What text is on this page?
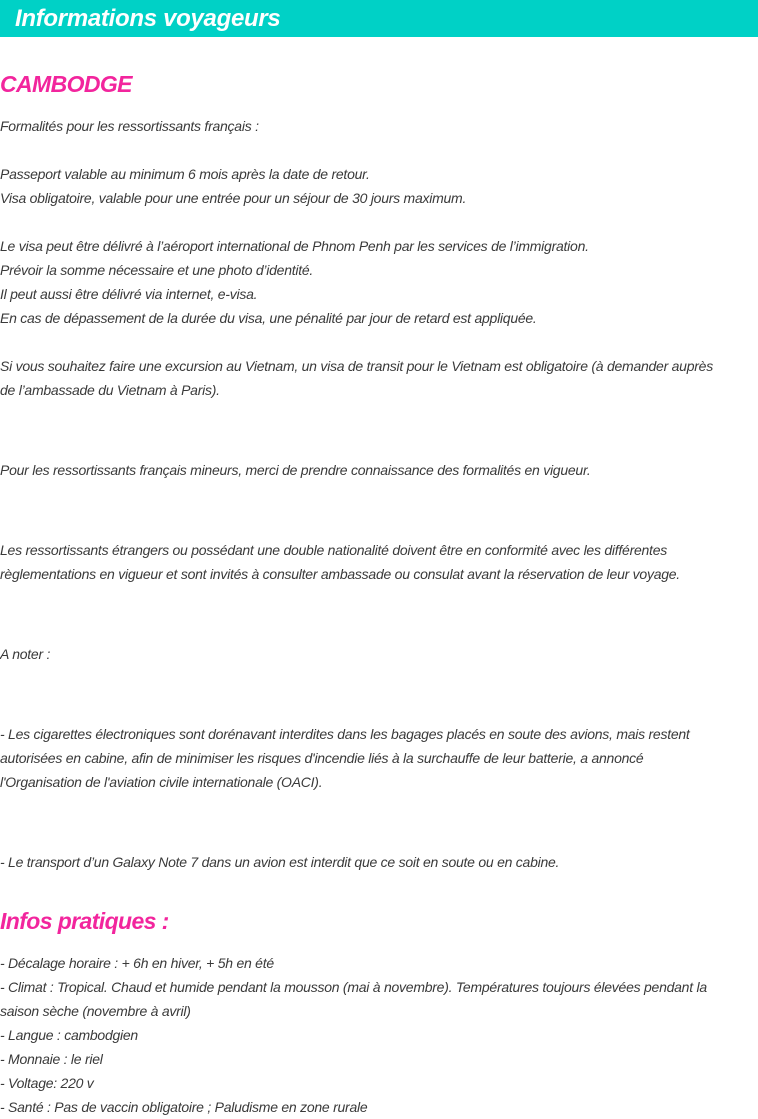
Informations voyageurs
CAMBODGE

Formalités pour les ressortissants français :

Passeport valable au minimum 6 mois après la date de retour.

Visa obligatoire, valable pour une entrée pour un séjour de 30 jours maximum.

Le visa peut être délivré à l’aéroport international de Phnom Penh par les services de l’immigration.

Prévoir la somme nécessaire et une photo d’identité.

Il peut aussi être délivré via internet, e-visa.

En cas de dépassement de la durée du visa, une pénalité par jour de retard est appliquée.

Si vous souhaitez faire une excursion au Vietnam, un visa de transit pour le Vietnam est obligatoire (à demander auprès

de l’ambassade du Vietnam à Paris).

Pour les ressortissants français mineurs, merci de prendre connaissance des formalités en vigueur.

Les ressortissants étrangers ou possédant une double nationalité doivent être en conformité avec les différentes

règlementations en vigueur et sont invités à consulter ambassade ou consulat avant la réservation de leur voyage.

A noter :

- Les cigarettes électroniques sont dorénavant interdites dans les bagages placés en soute des avions, mais restent

autorisées en cabine, afin de minimiser les risques d'incendie liés à la surchauffe de leur batterie, a annoncé

l'Organisation de l'aviation civile internationale (OACI).

- Le transport d’un Galaxy Note 7 dans un avion est interdit que ce soit en soute ou en cabine.

Infos pratiques :

- Décalage horaire : + 6h en hiver, + 5h en été

- Climat : Tropical. Chaud et humide pendant la mousson (mai à novembre). Températures toujours élevées pendant la

saison sèche (novembre à avril)

- Langue : cambodgien

- Monnaie : le riel

- Voltage: 220 v

- Santé : Pas de vaccin obligatoire ; Paludisme en zone rurale
